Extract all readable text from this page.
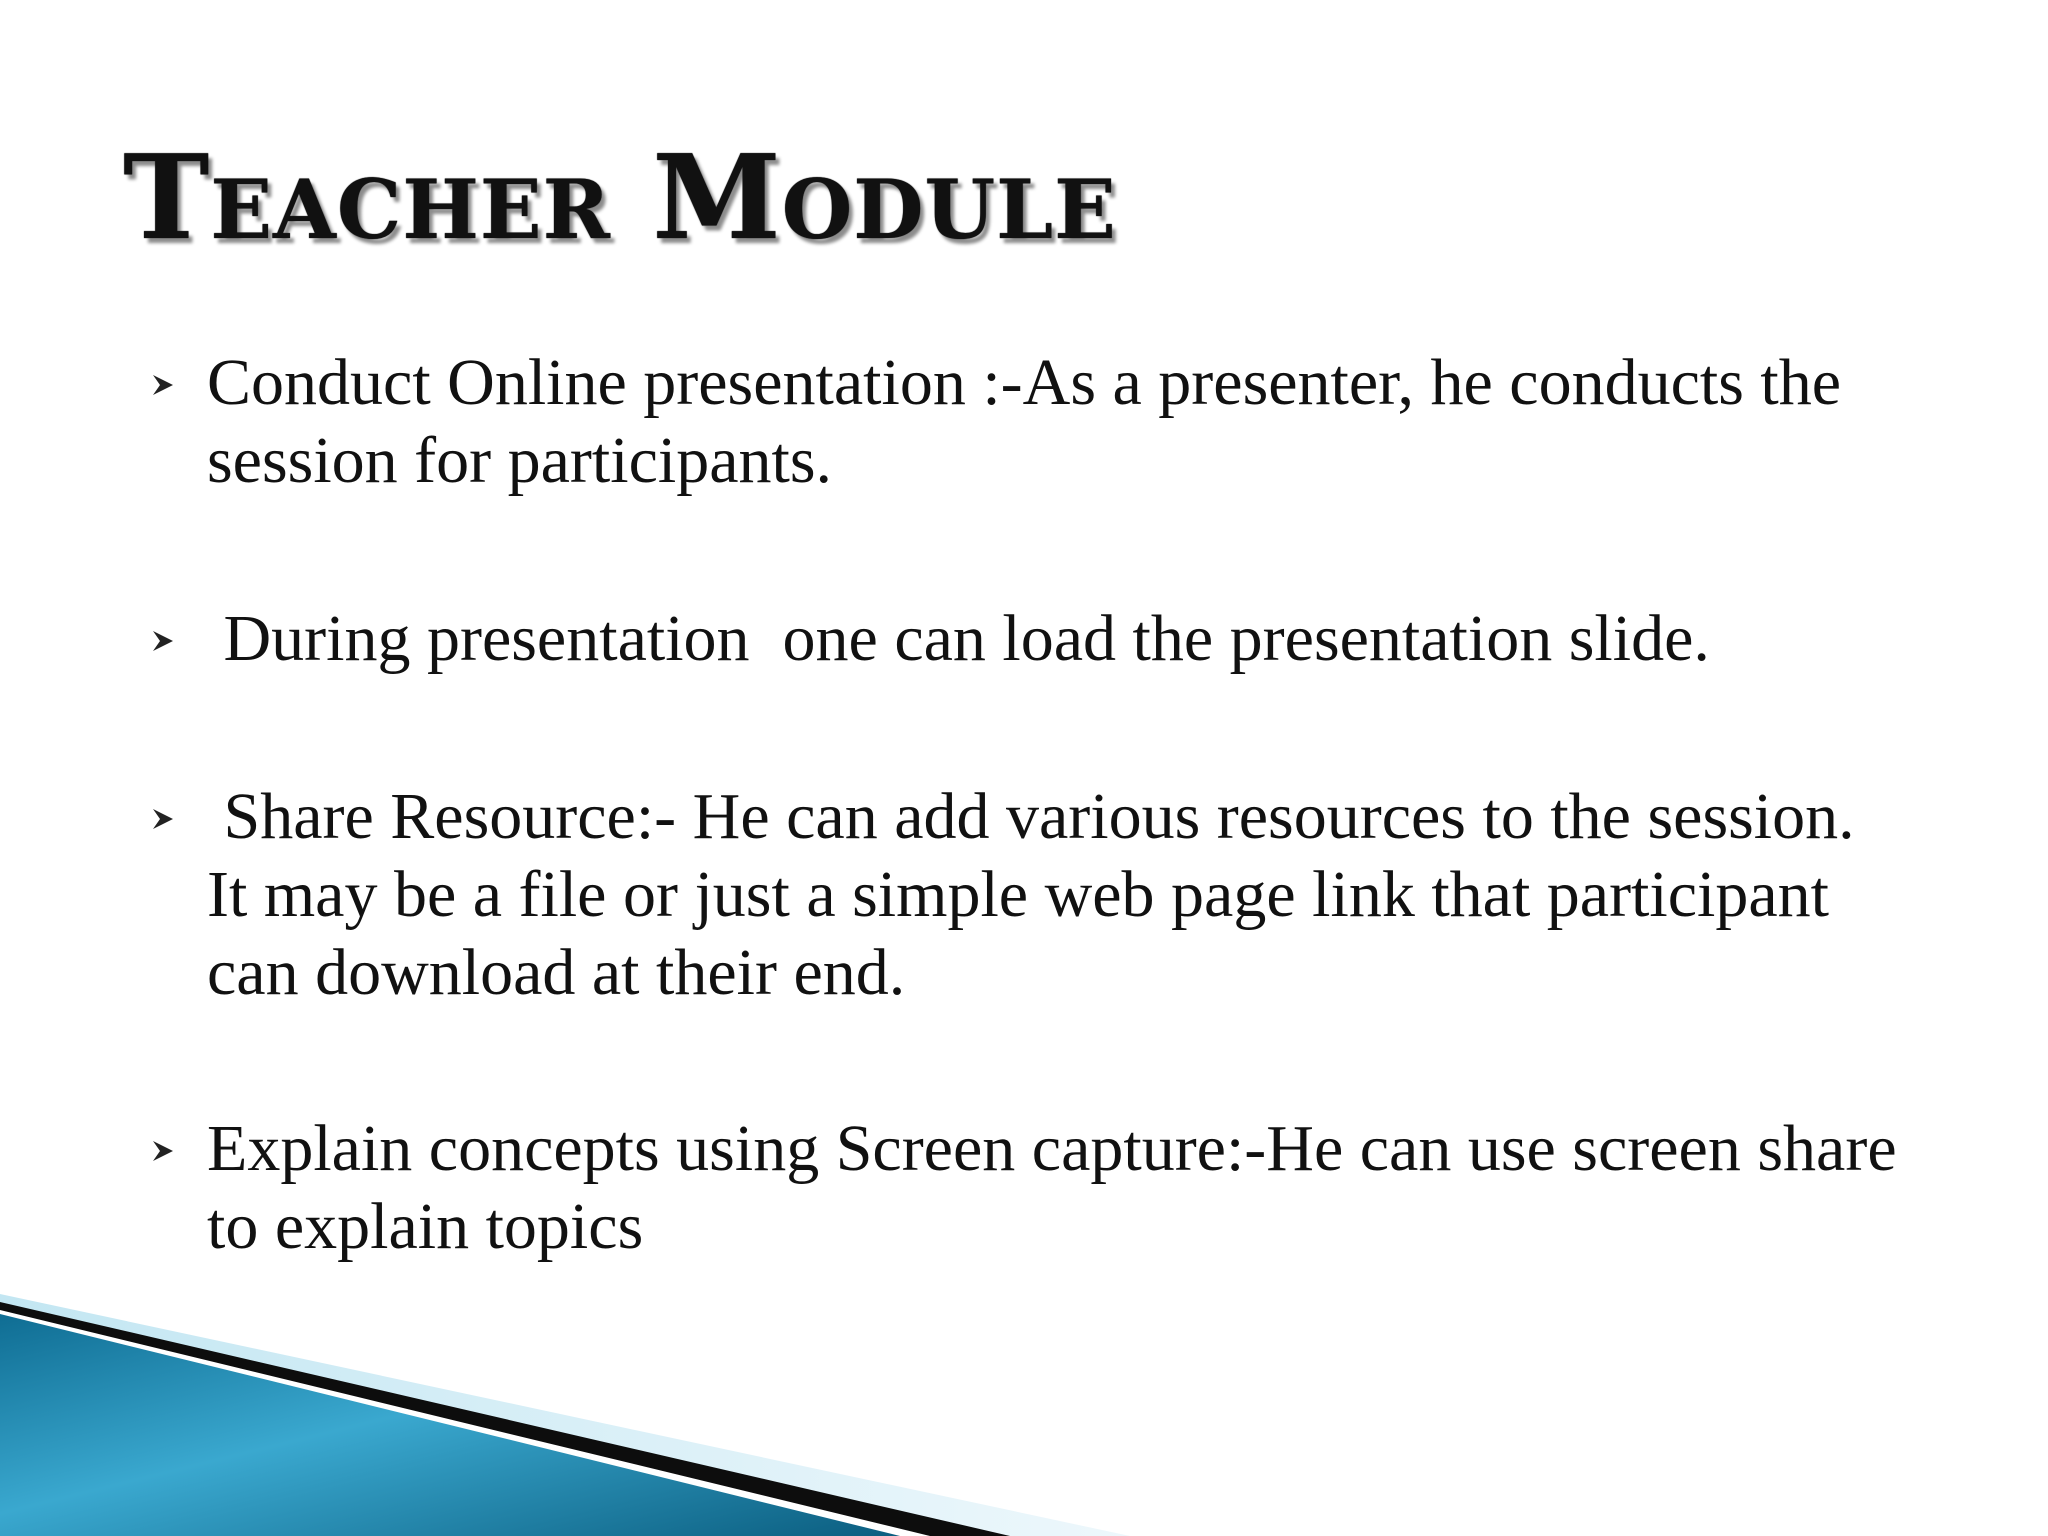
Teacher Module
Conduct Online presentation :-As a presenter, he conducts the session for participants.
During presentation  one can load the presentation slide.
Share Resource:- He can add various resources to the session. It may be a file or just a simple web page link that participant can download at their end.
Explain concepts using Screen capture:-He can use screen share to explain topics
